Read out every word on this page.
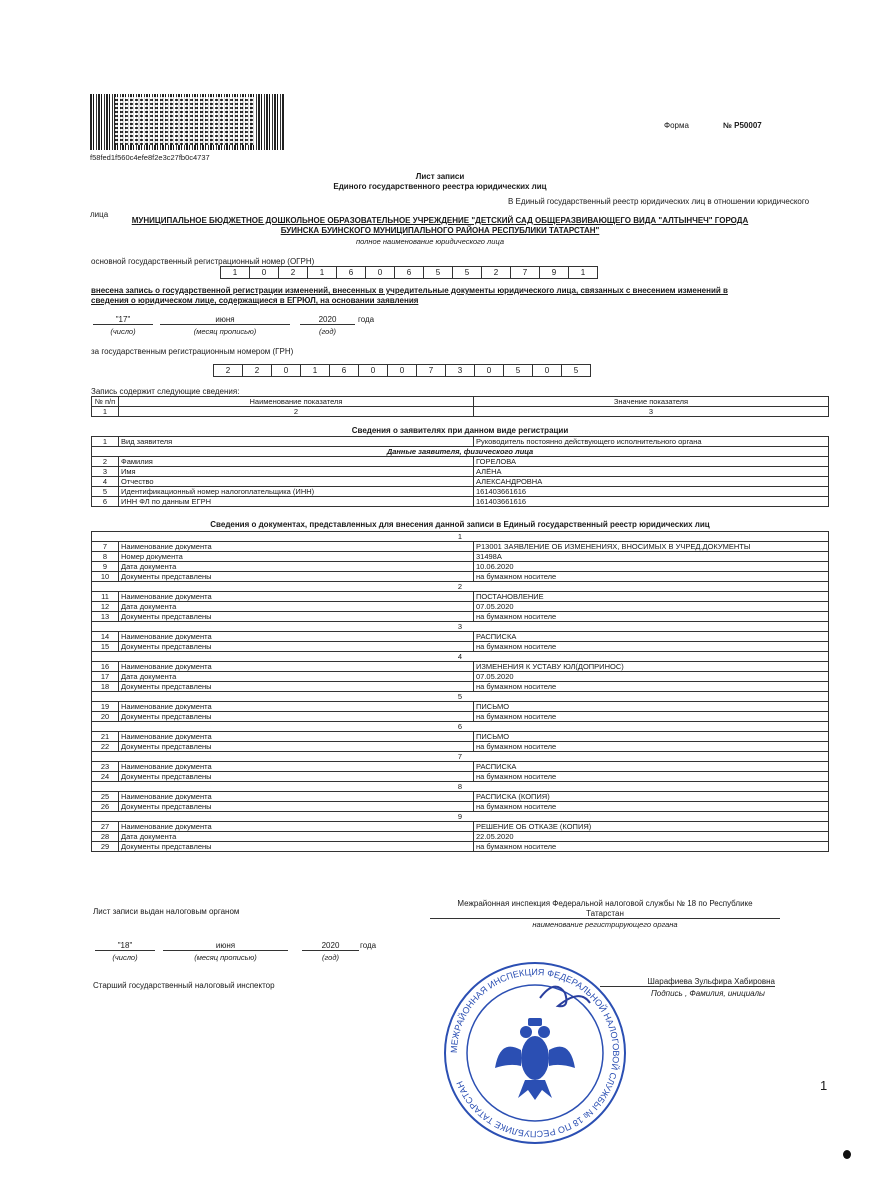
f58fed1f560c4efe8f2e3c27fb0c4737
Форма	№ Р50007
Лист записи
Единого государственного реестра юридических лиц
В Единый государственный реестр юридических лиц в отношении юридического
лица
МУНИЦИПАЛЬНОЕ БЮДЖЕТНОЕ ДОШКОЛЬНОЕ ОБРАЗОВАТЕЛЬНОЕ УЧРЕЖДЕНИЕ "ДЕТСКИЙ САД ОБЩЕРАЗВИВАЮЩЕГО ВИДА "АЛТЫНЧЕЧ" ГОРОДА
БУИНСКА БУИНСКОГО МУНИЦИПАЛЬНОГО РАЙОНА РЕСПУБЛИКИ ТАТАРСТАН"
полное наименование юридического лица
основной государственный регистрационный номер (ОГРН)
1	0	2	1	6	0	6	5	5	2	7	9	1
внесена запись о государственной регистрации изменений, внесенных в учредительные документы юридического лица, связанных с внесением изменений в
сведения о юридическом лице, содержащиеся в ЕГРЮЛ, на основании заявления
"17"	июня	2020	года
(число)	(месяц прописью)	(год)
за государственным регистрационным номером (ГРН)
2	2	0	1	6	0	0	7	3	0	5	0	5
Запись содержит следующие сведения:
№ п/п	Наименование показателя	Значение показателя
1	2	3
Сведения о заявителях при данном виде регистрации
1	Вид заявителя	Руководитель постоянно действующего исполнительного органа
Данные заявителя, физического лица		
2	Фамилия	ГОРЕЛОВА
3	Имя	АЛЁНА
4	Отчество	АЛЕКСАНДРОВНА
5	Идентификационный номер налогоплательщика (ИНН)	161403661616
6	ИНН ФЛ по данным ЕГРН	161403661616
Сведения о документах, представленных для внесения данной записи в Единый государственный реестр юридических лиц
1		
7	Наименование документа	Р13001 ЗАЯВЛЕНИЕ ОБ ИЗМЕНЕНИЯХ, ВНОСИМЫХ В УЧРЕД.ДОКУМЕНТЫ
8	Номер документа	31498А
9	Дата документа	10.06.2020
10	Документы представлены	на бумажном носителе
2		
11	Наименование документа	ПОСТАНОВЛЕНИЕ
12	Дата документа	07.05.2020
13	Документы представлены	на бумажном носителе
3		
14	Наименование документа	РАСПИСКА
15	Документы представлены	на бумажном носителе
4		
16	Наименование документа	ИЗМЕНЕНИЯ К УСТАВУ ЮЛ(ДОПРИНОС)
17	Дата документа	07.05.2020
18	Документы представлены	на бумажном носителе
5		
19	Наименование документа	ПИСЬМО
20	Документы представлены	на бумажном носителе
6		
21	Наименование документа	ПИСЬМО
22	Документы представлены	на бумажном носителе
7		
23	Наименование документа	РАСПИСКА
24	Документы представлены	на бумажном носителе
8		
25	Наименование документа	РАСПИСКА (КОПИЯ)
26	Документы представлены	на бумажном носителе
9		
27	Наименование документа	РЕШЕНИЕ ОБ ОТКАЗЕ (КОПИЯ)
28	Дата документа	22.05.2020
29	Документы представлены	на бумажном носителе
Лист записи выдан налоговым органом
Межрайонная инспекция Федеральной налоговой службы № 18 по Республике
Татарстан
наименование регистрирующего органа
"18"	июня	2020	года
(число)	(месяц прописью)	(год)
Старший государственный налоговый инспектор	Шарафиева Зульфира Хабировна
Подпись , Фамилия, инициалы
МЕЖРАЙОННАЯ ИНСПЕКЦИЯ ФЕДЕРАЛЬНОЙ НАЛОГОВОЙ СЛУЖБЫ № 18 ПО РЕСПУБЛИКЕ ТАТАРСТАН	1
